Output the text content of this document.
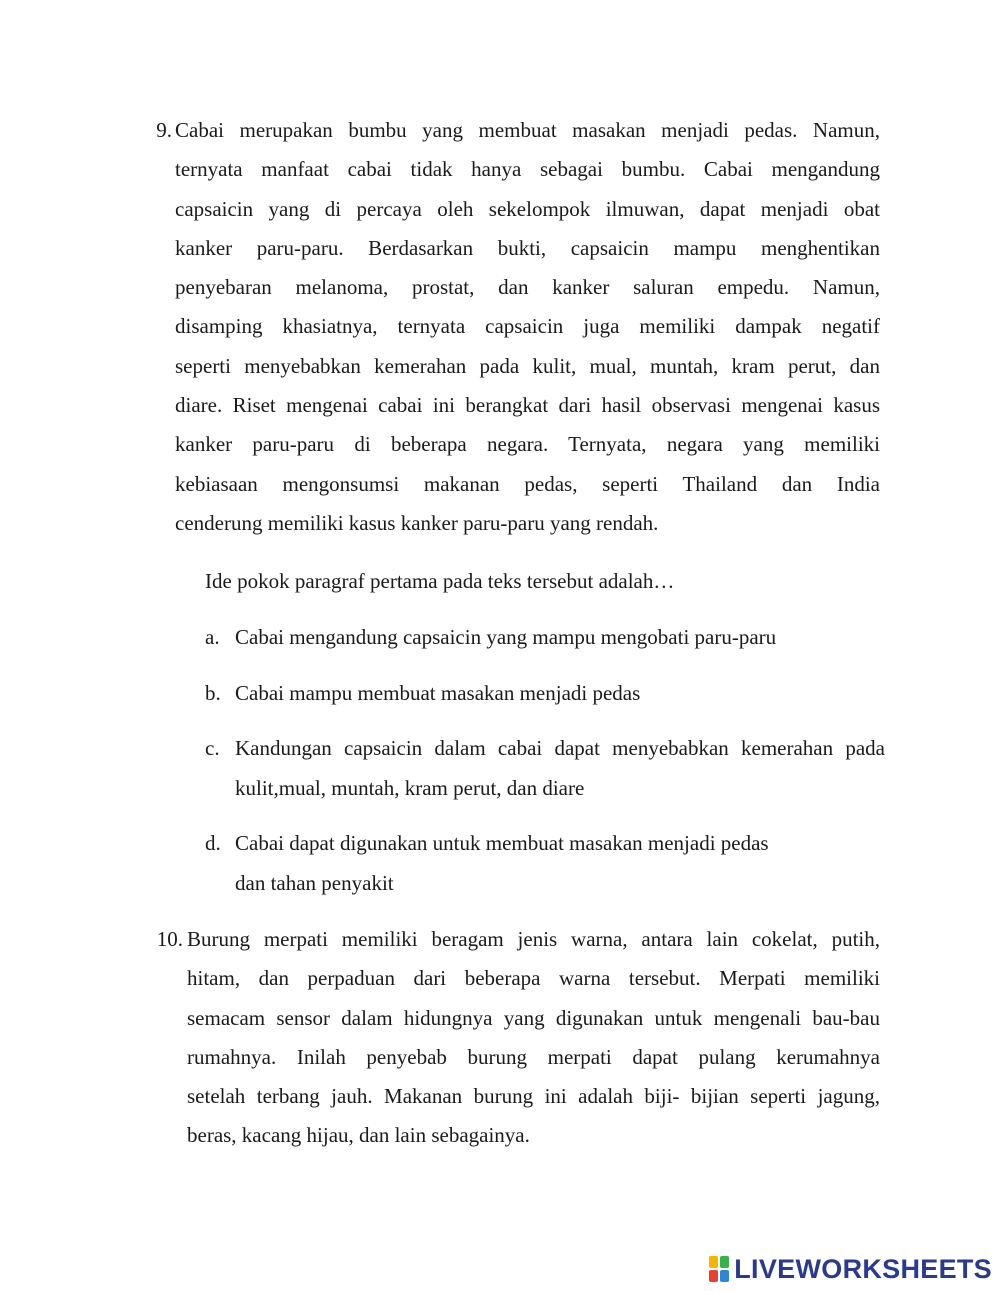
9. Cabai merupakan bumbu yang membuat masakan menjadi pedas. Namun,
ternyata manfaat cabai tidak hanya sebagai bumbu. Cabai mengandung
capsaicin yang di percaya oleh sekelompok ilmuwan, dapat menjadi obat
kanker paru-paru. Berdasarkan bukti, capsaicin mampu menghentikan
penyebaran melanoma, prostat, dan kanker saluran empedu. Namun,
disamping khasiatnya, ternyata capsaicin juga memiliki dampak negatif
seperti menyebabkan kemerahan pada kulit, mual, muntah, kram perut, dan
diare. Riset mengenai cabai ini berangkat dari hasil observasi mengenai kasus
kanker paru-paru di beberapa negara. Ternyata, negara yang memiliki
kebiasaan mengonsumsi makanan pedas, seperti Thailand dan India
cenderung memiliki kasus kanker paru-paru yang rendah.
Ide pokok paragraf pertama pada teks tersebut adalah…
a. Cabai mengandung capsaicin yang mampu mengobati paru-paru
b. Cabai mampu membuat masakan menjadi pedas
c. Kandungan capsaicin dalam cabai dapat menyebabkan kemerahan pada
kulit,mual, muntah, kram perut, dan diare
d. Cabai dapat digunakan untuk membuat masakan menjadi pedas
dan tahan penyakit
10. Burung merpati memiliki beragam jenis warna, antara lain cokelat, putih,
hitam, dan perpaduan dari beberapa warna tersebut. Merpati memiliki
semacam sensor dalam hidungnya yang digunakan untuk mengenali bau-bau
rumahnya. Inilah penyebab burung merpati dapat pulang kerumahnya
setelah terbang jauh. Makanan burung ini adalah biji- bijian seperti jagung,
beras, kacang hijau, dan lain sebagainya.
LIVEWORKSHEETS
